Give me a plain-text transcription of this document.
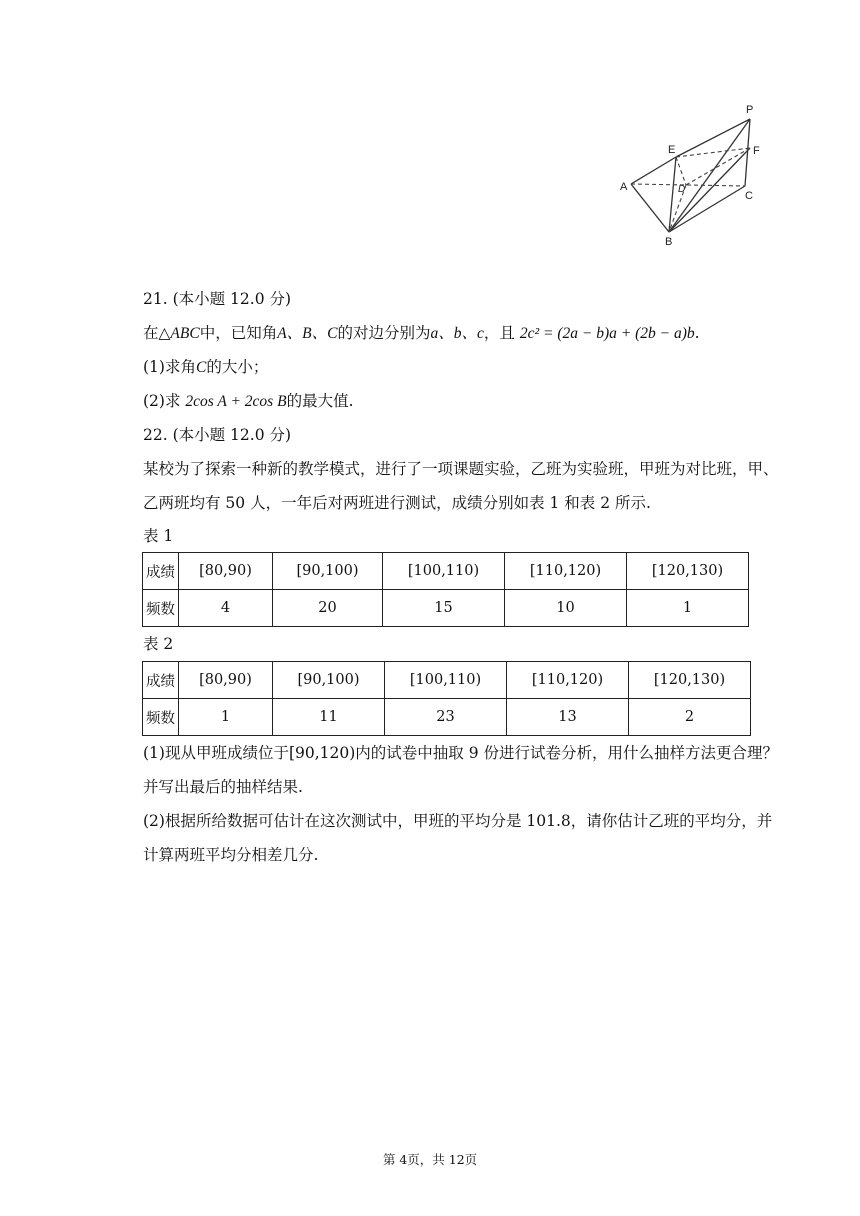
P
E	F
A	D
C
B
21. (本小题 12.0 分)
在△ABC中，已知角A、B、C的对边分别为a、b、c，且 2c² = (2a − b)a + (2b − a)b.
(1)求角C的大小；
(2)求 2cos A + 2cos B的最大值.
22. (本小题 12.0 分)
某校为了探索一种新的教学模式，进行了一项课题实验，乙班为实验班，甲班为对比班，甲、
乙两班均有 50 人，一年后对两班进行测试，成绩分别如表 1 和表 2 所示.
表 1
成绩	[80,90)	[90,100)	[100,110)	[110,120)	[120,130)
频数	4	20	15	10	1
表 2
成绩	[80,90)	[90,100)	[100,110)	[110,120)	[120,130)
频数	1	11	23	13	2
(1)现从甲班成绩位于[90,120)内的试卷中抽取 9 份进行试卷分析，用什么抽样方法更合理？
并写出最后的抽样结果.
(2)根据所给数据可估计在这次测试中，甲班的平均分是 101.8，请你估计乙班的平均分，并
计算两班平均分相差几分.
第 4页，共 12页
